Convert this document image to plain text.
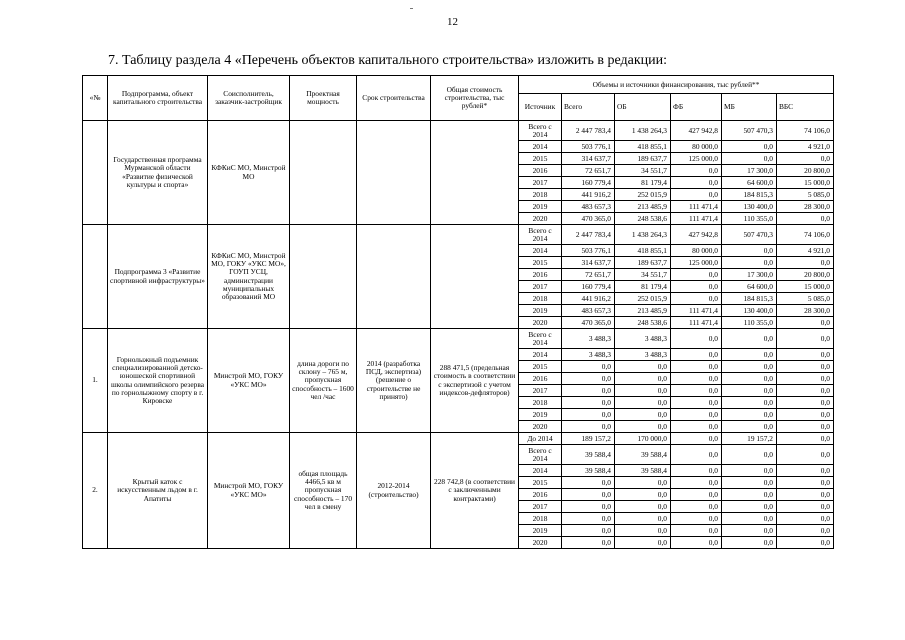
12
7. Таблицу раздела 4 «Перечень объектов капитального строительства» изложить в редакции:
«№	Подпрограмма, объект капитального строительства	Соисполнитель, заказчик-застройщик	Проектная мощность	Срок строительства	Общая стоимость строительства, тыс рублей*	Объемы и источники финансирования, тыс рублей**					
						Источник	Всего	ОБ	ФБ	МБ	ВБС
	Государственная программа Мурманской области «Развитие физической культуры и спорта»	КФКиС МО, Минстрой МО				Всего с 2014	2 447 783,4	1 438 264,3	427 942,8	507 470,3	74 106,0
						2014	503 776,1	418 855,1	80 000,0	0,0	4 921,0
						2015	314 637,7	189 637,7	125 000,0	0,0	0,0
						2016	72 651,7	34 551,7	0,0	17 300,0	20 800,0
						2017	160 779,4	81 179,4	0,0	64 600,0	15 000,0
						2018	441 916,2	252 015,9	0,0	184 815,3	5 085,0
						2019	483 657,3	213 485,9	111 471,4	130 400,0	28 300,0
						2020	470 365,0	248 538,6	111 471,4	110 355,0	0,0
	Подпрограмма 3 «Развитие спортивной инфраструктуры»	КФКиС МО, Минстрой МО, ГОКУ «УКС МО», ГОУП УСЦ, администрации муниципальных образований МО				Всего с 2014	2 447 783,4	1 438 264,3	427 942,8	507 470,3	74 106,0
						2014	503 776,1	418 855,1	80 000,0	0,0	4 921,0
						2015	314 637,7	189 637,7	125 000,0	0,0	0,0
						2016	72 651,7	34 551,7	0,0	17 300,0	20 800,0
						2017	160 779,4	81 179,4	0,0	64 600,0	15 000,0
						2018	441 916,2	252 015,9	0,0	184 815,3	5 085,0
						2019	483 657,3	213 485,9	111 471,4	130 400,0	28 300,0
						2020	470 365,0	248 538,6	111 471,4	110 355,0	0,0
1.	Горнолыжный подъемник специализированной детско-юношеской спортивной школы олимпийского резерва по горнолыжному спорту в г. Кировске	Минстрой МО, ГОКУ «УКС МО»	длина дороги по склону – 765 м, пропускная способность – 1600 чел /час	2014 (разработка ПСД, экспертиза) (решение о строительстве не принято)	288 471,5 (предельная стоимость в соответствии с экспертизой с учетом индексов-дефляторов)	Всего с 2014	3 488,3	3 488,3	0,0	0,0	0,0
						2014	3 488,3	3 488,3	0,0	0,0	0,0
						2015	0,0	0,0	0,0	0,0	0,0
						2016	0,0	0,0	0,0	0,0	0,0
						2017	0,0	0,0	0,0	0,0	0,0
						2018	0,0	0,0	0,0	0,0	0,0
						2019	0,0	0,0	0,0	0,0	0,0
						2020	0,0	0,0	0,0	0,0	0,0
2.	Крытый каток с искусственным льдом в г. Апатиты	Минстрой МО, ГОКУ «УКС МО»	общая площадь 4466,5 кв м пропускная способность – 170 чел в смену	2012-2014 (строительство)	228 742,8 (в соответствии с заключенными контрактами)	До 2014	189 157,2	170 000,0	0,0	19 157,2	0,0
						Всего с 2014	39 588,4	39 588,4	0,0	0,0	0,0
						2014	39 588,4	39 588,4	0,0	0,0	0,0
						2015	0,0	0,0	0,0	0,0	0,0
						2016	0,0	0,0	0,0	0,0	0,0
						2017	0,0	0,0	0,0	0,0	0,0
						2018	0,0	0,0	0,0	0,0	0,0
						2019	0,0	0,0	0,0	0,0	0,0
						2020	0,0	0,0	0,0	0,0	0,0
